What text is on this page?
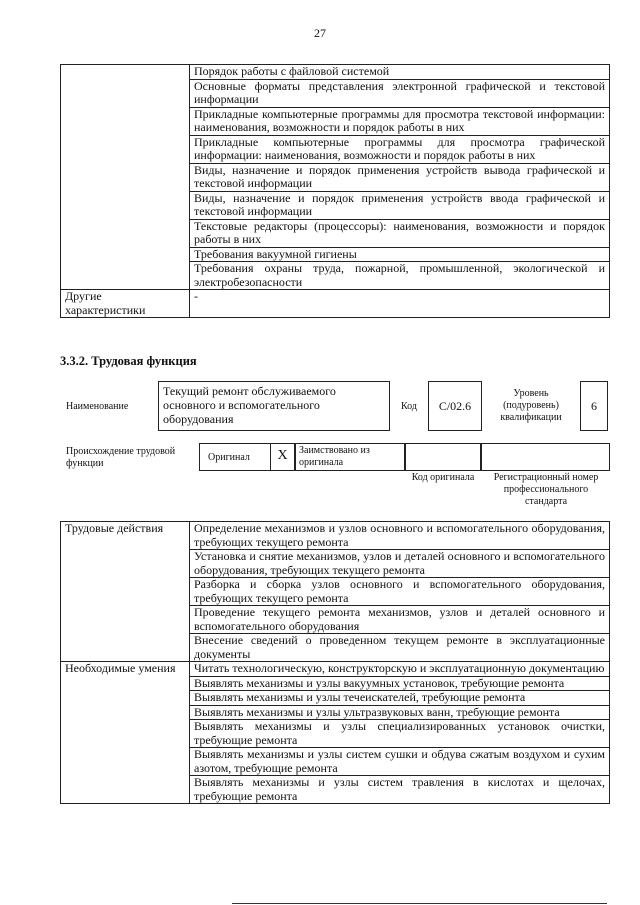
27
	Порядок работы с файловой системой
	Основные форматы представления электронной графической и текстовой информации
	Прикладные компьютерные программы для просмотра текстовой информации: наименования, возможности и порядок работы в них
	Прикладные компьютерные программы для просмотра графической информации: наименования, возможности и порядок работы в них
	Виды, назначение и порядок применения устройств вывода графической и текстовой информации
	Виды, назначение и порядок применения устройств ввода графической и текстовой информации
	Текстовые редакторы (процессоры): наименования, возможности и порядок работы в них
	Требования вакуумной гигиены
	Требования охраны труда, пожарной, промышленной, экологической и электробезопасности
Другие характеристики	-
3.3.2. Трудовая функция
Наименование
Текущий ремонт обслуживаемого основного и вспомогательного оборудования
Код	C/02.6
Уровень (подуровень) квалификации
6
Происхождение трудовой функции
Оригинал	X	Заимствовано из оригинала
Код оригинала	Регистрационный номер профессионального стандарта
Трудовые действия	Определение механизмов и узлов основного и вспомогательного оборудования, требующих текущего ремонта
	Установка и снятие механизмов, узлов и деталей основного и вспомогательного оборудования, требующих текущего ремонта
	Разборка и сборка узлов основного и вспомогательного оборудования, требующих текущего ремонта
	Проведение текущего ремонта механизмов, узлов и деталей основного и вспомогательного оборудования
	Внесение сведений о проведенном текущем ремонте в эксплуатационные документы
Необходимые умения	Читать технологическую, конструкторскую и эксплуатационную документацию
	Выявлять механизмы и узлы вакуумных установок, требующие ремонта
	Выявлять механизмы и узлы течеискателей, требующие ремонта
	Выявлять механизмы и узлы ультразвуковых ванн, требующие ремонта
	Выявлять механизмы и узлы специализированных установок очистки, требующие ремонта
	Выявлять механизмы и узлы систем сушки и обдува сжатым воздухом и сухим азотом, требующие ремонта
	Выявлять механизмы и узлы систем травления в кислотах и щелочах, требующие ремонта
